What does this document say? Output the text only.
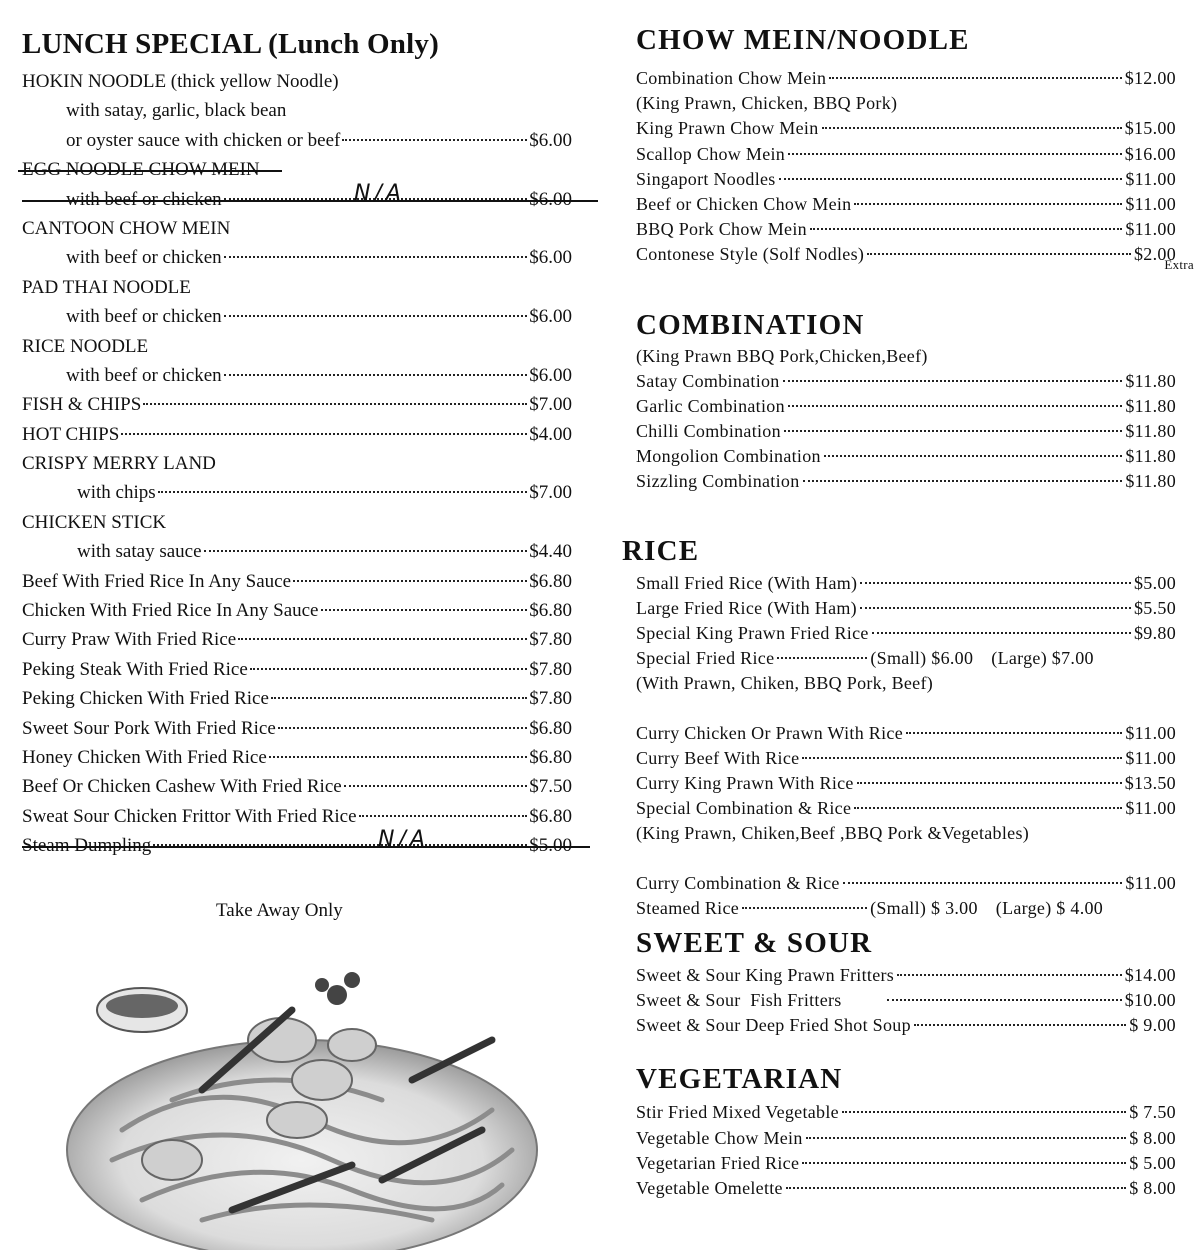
LUNCH SPECIAL (Lunch Only)
HOKIN NOODLE (thick yellow Noodle)
with satay, garlic, black bean
or oyster sauce with chicken or beef	$6.00
EGG NOODLE CHOW MEIN
with beef or chicken	$6.00
N/A
CANTOON CHOW MEIN
with beef or chicken	$6.00
PAD THAI NOODLE
with beef or chicken	$6.00
RICE NOODLE
with beef or chicken	$6.00
FISH & CHIPS	$7.00
HOT CHIPS	$4.00
CRISPY MERRY LAND
with chips	$7.00
CHICKEN STICK
with satay sauce	$4.40
Beef With Fried Rice In Any Sauce	$6.80
Chicken With Fried Rice In Any Sauce	$6.80
Curry Praw With Fried Rice	$7.80
Peking Steak With Fried Rice	$7.80
Peking Chicken With Fried Rice	$7.80
Sweet Sour Pork With Fried Rice	$6.80
Honey Chicken With Fried Rice	$6.80
Beef Or Chicken Cashew With Fried Rice	$7.50
Sweat Sour Chicken Frittor With Fried Rice	$6.80
Steam Dumpling	$5.00
N/A
Take Away Only
CHOW MEIN/NOODLE
Combination Chow Mein	$12.00
(King Prawn, Chicken, BBQ Pork)
King Prawn Chow Mein	$15.00
Scallop Chow Mein	$16.00
Singaport Noodles	$11.00
Beef or Chicken Chow Mein	$11.00
BBQ Pork Chow Mein	$11.00
Contonese Style (Solf Nodles)	$2.00
Extra
COMBINATION
(King Prawn BBQ Pork,Chicken,Beef)
Satay Combination	$11.80
Garlic Combination	$11.80
Chilli Combination	$11.80
Mongolion Combination	$11.80
Sizzling Combination	$11.80
RICE
Small Fried Rice (With Ham)	$5.00
Large Fried Rice (With Ham)	$5.50
Special King Prawn Fried Rice	$9.80
Special Fried Rice	(Small) $6.00 (Large) $7.00
(With Prawn, Chiken, BBQ Pork, Beef)
Curry Chicken Or Prawn With Rice	$11.00
Curry Beef With Rice	$11.00
Curry King Prawn With Rice	$13.50
Special Combination & Rice	$11.00
(King Prawn, Chiken,Beef ,BBQ Pork &Vegetables)
Curry Combination & Rice	$11.00
Steamed Rice	(Small) $ 3.00 (Large) $ 4.00
SWEET & SOUR
Sweet & Sour King Prawn Fritters	$14.00
Sweet & Sour  Fish Fritters	$10.00
Sweet & Sour Deep Fried Shot Soup	$ 9.00
VEGETARIAN
Stir Fried Mixed Vegetable	$ 7.50
Vegetable Chow Mein	$ 8.00
Vegetarian Fried Rice	$ 5.00
Vegetable Omelette	$ 8.00
